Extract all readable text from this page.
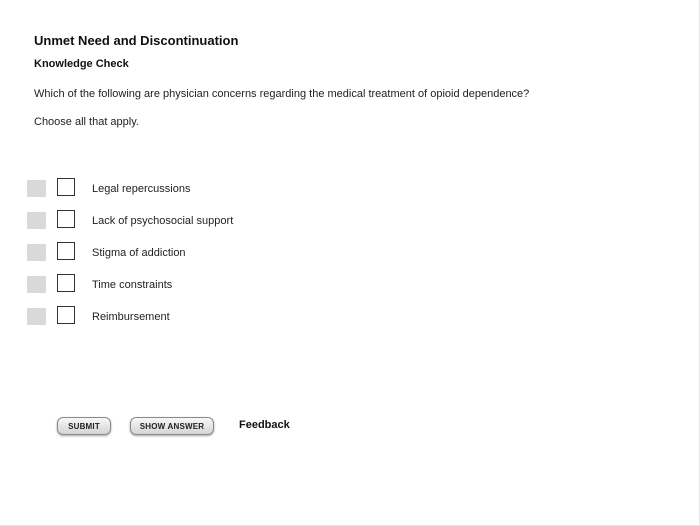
Unmet Need and Discontinuation
Knowledge Check
Which of the following are physician concerns regarding the medical treatment of opioid dependence?
Choose all that apply.
Legal repercussions
Lack of psychosocial support
Stigma of addiction
Time constraints
Reimbursement
SUBMIT	SHOW ANSWER	Feedback
